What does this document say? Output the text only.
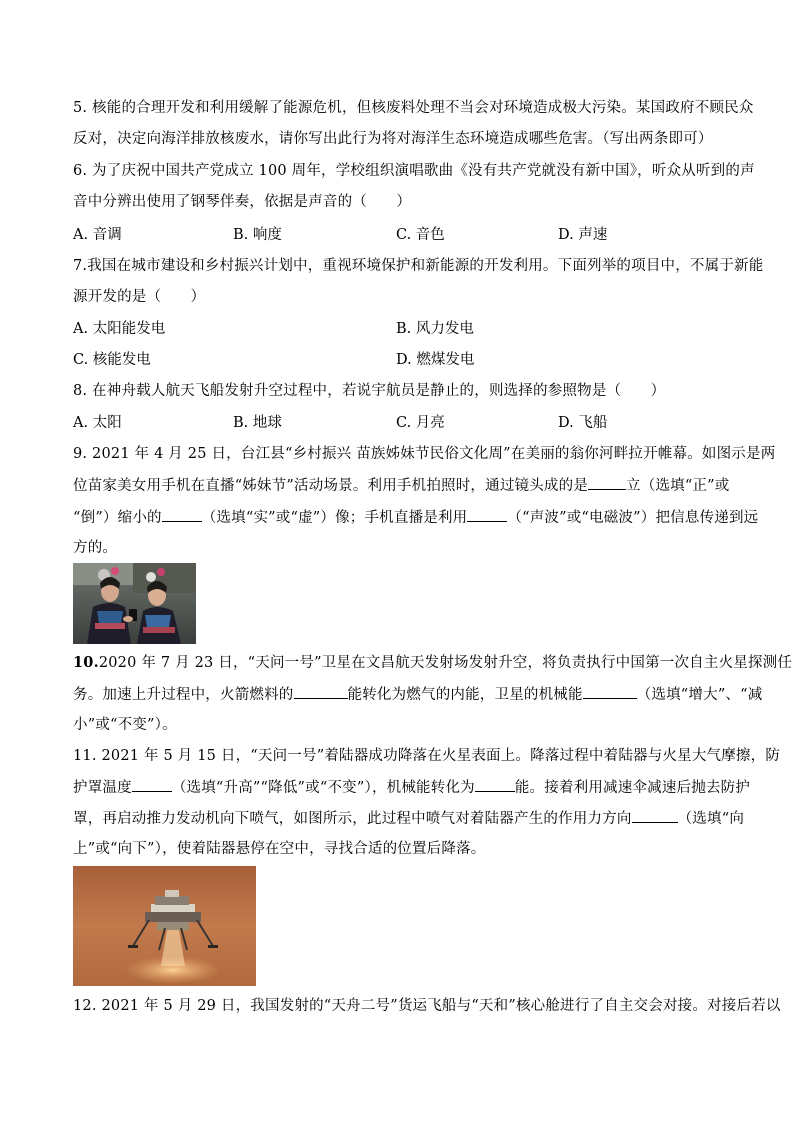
5. 核能的合理开发和利用缓解了能源危机，但核废料处理不当会对环境造成极大污染。某国政府不顾民众
反对，决定向海洋排放核废水，请你写出此行为将对海洋生态环境造成哪些危害。（写出两条即可）
6. 为了庆祝中国共产党成立 100 周年，学校组织演唱歌曲《没有共产党就没有新中国》，听众从听到的声
音中分辨出使用了钢琴伴奏，依据是声音的（　　）
A. 音调	B. 响度	C. 音色	D. 声速
7.我国在城市建设和乡村振兴计划中，重视环境保护和新能源的开发利用。下面列举的项目中，不属于新能
源开发的是（　　）
A. 太阳能发电	B. 风力发电
C. 核能发电	D. 燃煤发电
8. 在神舟载人航天飞船发射升空过程中，若说宇航员是静止的，则选择的参照物是（　　）
A. 太阳	B. 地球	C. 月亮	D. 飞船
9. 2021 年 4 月 25 日，台江县“乡村振兴 苗族姊妹节民俗文化周”在美丽的翁你河畔拉开帷幕。如图示是两
位苗家美女用手机在直播“姊妹节”活动场景。利用手机拍照时，通过镜头成的是	立（选填“正”或
“倒”）缩小的	（选填“实”或“虚”）像；手机直播是利用	（“声波”或“电磁波”）把信息传递到远
方的。
10.2020 年 7 月 23 日，“天问一号”卫星在文昌航天发射场发射升空，将负责执行中国第一次自主火星探测任
务。加速上升过程中，火箭燃料的	能转化为燃气的内能，卫星的机械能	（选填“增大”、“减
小”或“不变”）。
11. 2021 年 5 月 15 日，“天问一号”着陆器成功降落在火星表面上。降落过程中着陆器与火星大气摩擦，防
护罩温度	（选填“升高”“降低”或“不变”），机械能转化为	能。接着利用减速伞减速后抛去防护
罩，再启动推力发动机向下喷气，如图所示，此过程中喷气对着陆器产生的作用力方向	（选填“向
上”或“向下”），使着陆器悬停在空中，寻找合适的位置后降落。
12. 2021 年 5 月 29 日，我国发射的“天舟二号”货运飞船与“天和”核心舱进行了自主交会对接。对接后若以
